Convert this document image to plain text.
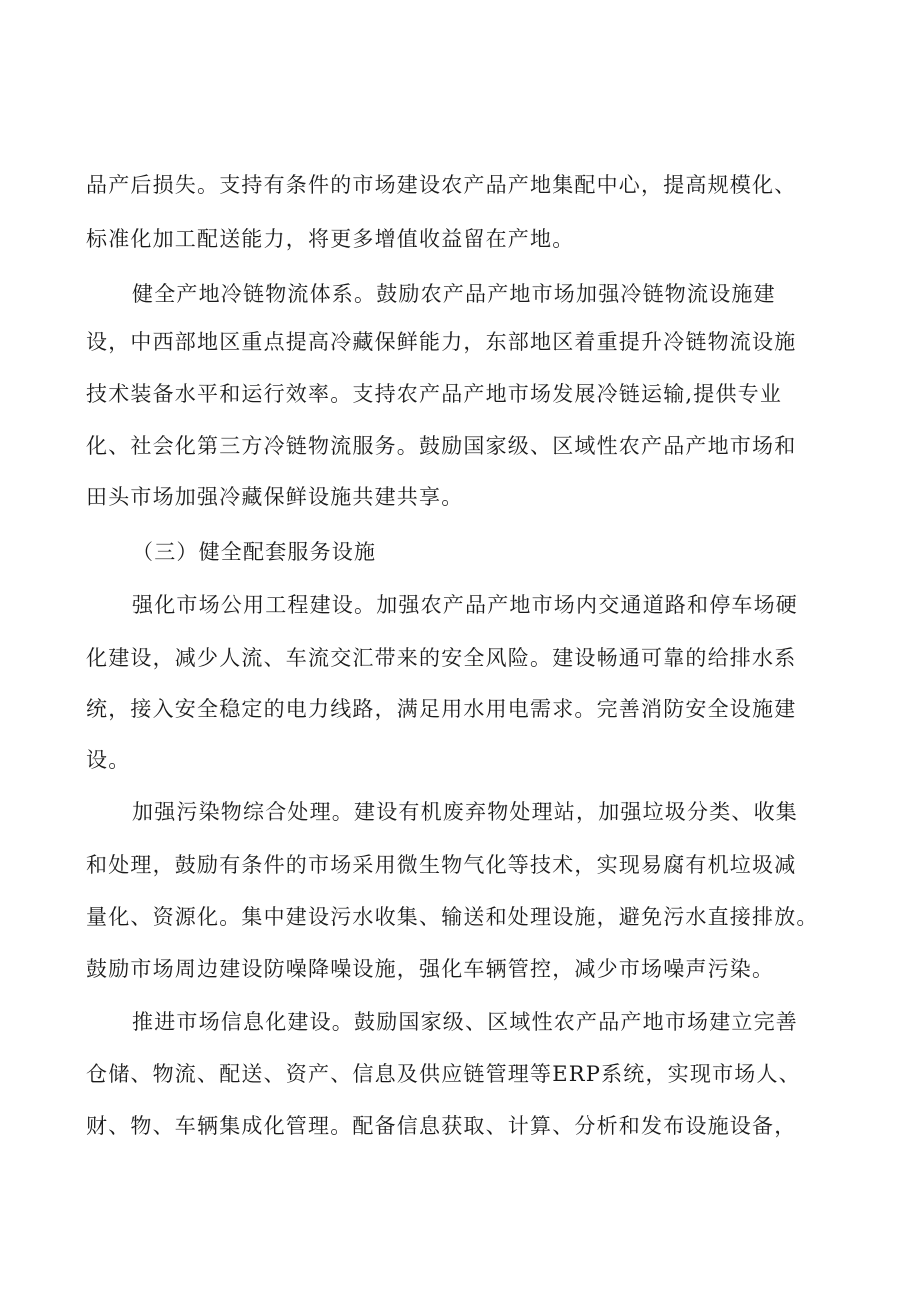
品产后损失。支持有条件的市场建设农产品产地集配中心，提高规模化、
标准化加工配送能力，将更多增值收益留在产地。
健全产地冷链物流体系。鼓励农产品产地市场加强冷链物流设施建
设，中西部地区重点提高冷藏保鲜能力，东部地区着重提升冷链物流设施
技术装备水平和运行效率。支持农产品产地市场发展冷链运输,提供专业
化、社会化第三方冷链物流服务。鼓励国家级、区域性农产品产地市场和
田头市场加强冷藏保鲜设施共建共享。
（三）健全配套服务设施
强化市场公用工程建设。加强农产品产地市场内交通道路和停车场硬
化建设，减少人流、车流交汇带来的安全风险。建设畅通可靠的给排水系
统，接入安全稳定的电力线路，满足用水用电需求。完善消防安全设施建
设。
加强污染物综合处理。建设有机废弃物处理站，加强垃圾分类、收集
和处理，鼓励有条件的市场采用微生物气化等技术，实现易腐有机垃圾减
量化、资源化。集中建设污水收集、输送和处理设施，避免污水直接排放。
鼓励市场周边建设防噪降噪设施，强化车辆管控，减少市场噪声污染。
推进市场信息化建设。鼓励国家级、区域性农产品产地市场建立完善
仓储、物流、配送、资产、信息及供应链管理等ERP系统，实现市场人、
财、物、车辆集成化管理。配备信息获取、计算、分析和发布设施设备，
